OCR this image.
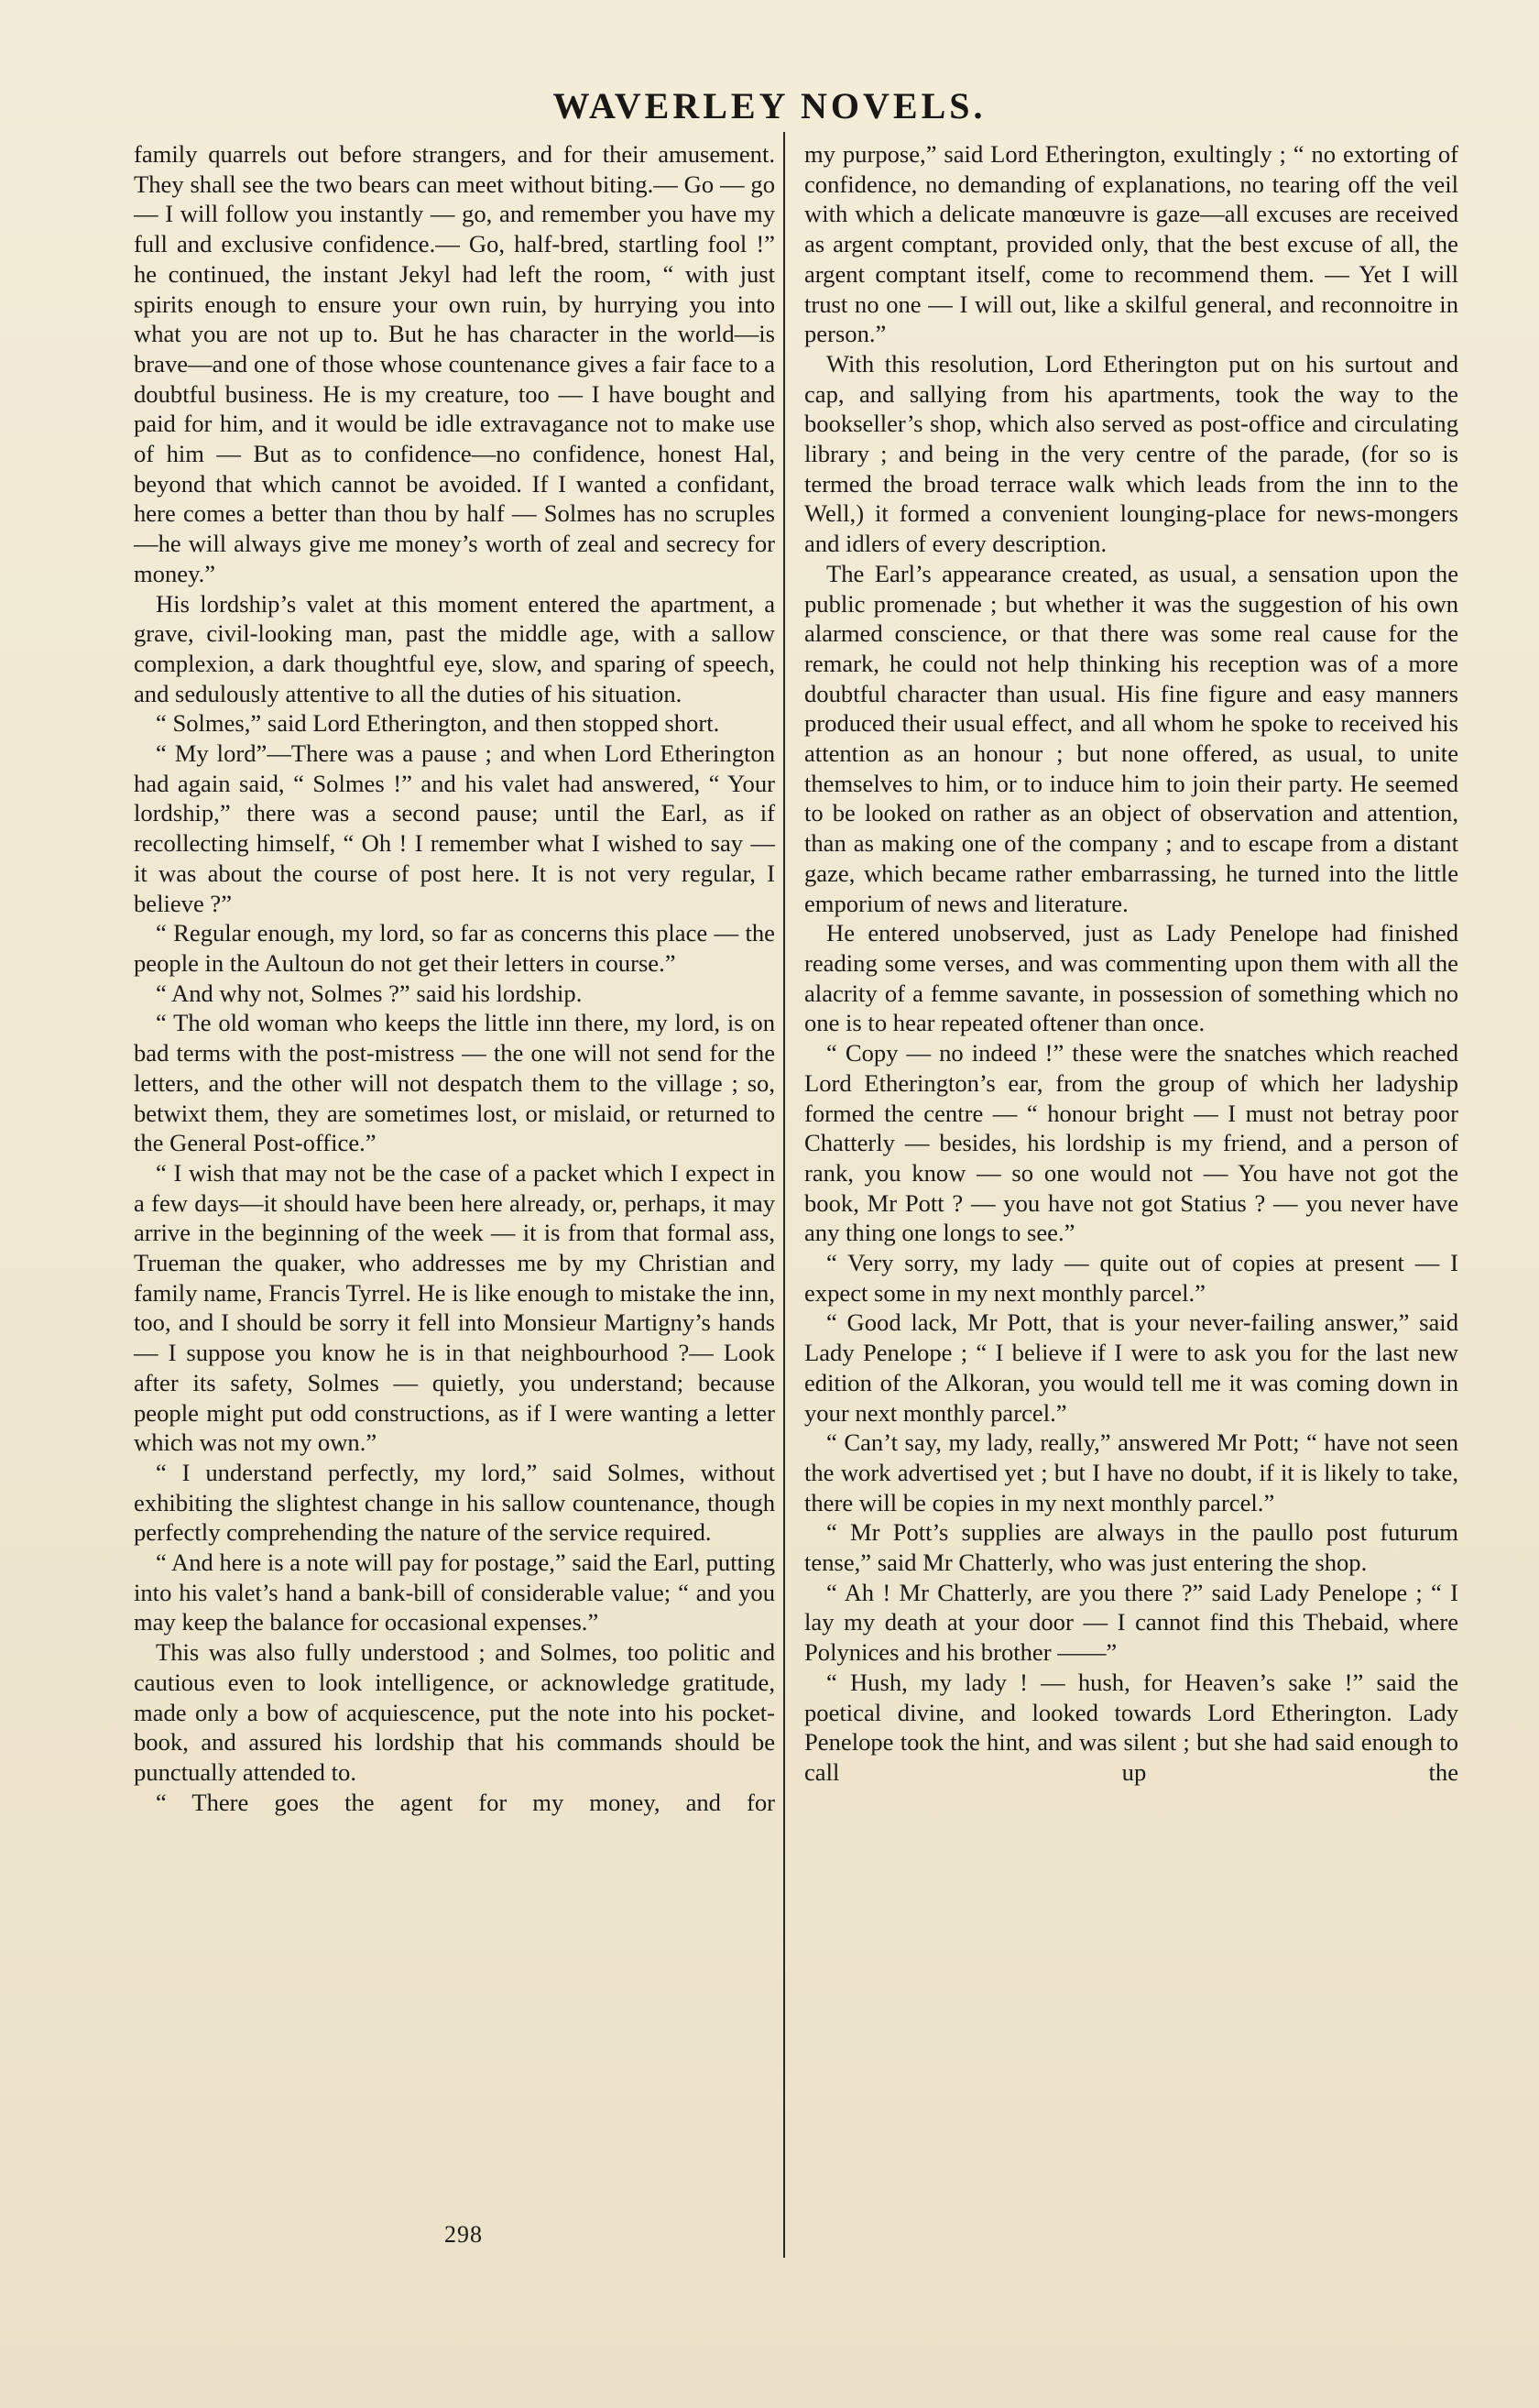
WAVERLEY NOVELS.

family quarrels out before strangers, and for their amusement. They shall see the two bears can meet without biting.— Go — go — I will follow you instantly — go, and remember you have my full and exclusive confidence.— Go, half-bred, startling fool !” he continued, the instant Jekyl had left the room, “ with just spirits enough to ensure your own ruin, by hurrying you into what you are not up to. But he has character in the world—is brave—and one of those whose countenance gives a fair face to a doubtful business. He is my creature, too — I have bought and paid for him, and it would be idle extravagance not to make use of him — But as to confidence—no confidence, honest Hal, beyond that which cannot be avoided. If I wanted a confidant, here comes a better than thou by half — Solmes has no scruples—he will always give me money’s worth of zeal and secrecy for money.”

His lordship’s valet at this moment entered the apartment, a grave, civil-looking man, past the middle age, with a sallow complexion, a dark thoughtful eye, slow, and sparing of speech, and sedulously attentive to all the duties of his situation.

“ Solmes,” said Lord Etherington, and then stopped short.

“ My lord”—There was a pause ; and when Lord Etherington had again said, “ Solmes !” and his valet had answered, “ Your lordship,” there was a second pause; until the Earl, as if recollecting himself, “ Oh ! I remember what I wished to say — it was about the course of post here. It is not very regular, I believe ?”

“ Regular enough, my lord, so far as concerns this place — the people in the Aultoun do not get their letters in course.”

“ And why not, Solmes ?” said his lordship.

“ The old woman who keeps the little inn there, my lord, is on bad terms with the post-mistress — the one will not send for the letters, and the other will not despatch them to the village ; so, betwixt them, they are sometimes lost, or mislaid, or returned to the General Post-office.”

“ I wish that may not be the case of a packet which I expect in a few days—it should have been here already, or, perhaps, it may arrive in the beginning of the week — it is from that formal ass, Trueman the quaker, who addresses me by my Christian and family name, Francis Tyrrel. He is like enough to mistake the inn, too, and I should be sorry it fell into Monsieur Martigny’s hands — I suppose you know he is in that neighbourhood ?— Look after its safety, Solmes — quietly, you understand; because people might put odd constructions, as if I were wanting a letter which was not my own.”

“ I understand perfectly, my lord,” said Solmes, without exhibiting the slightest change in his sallow countenance, though perfectly comprehending the nature of the service required.

“ And here is a note will pay for postage,” said the Earl, putting into his valet’s hand a bank-bill of considerable value; “ and you may keep the balance for occasional expenses.”

This was also fully understood ; and Solmes, too politic and cautious even to look intelligence, or acknowledge gratitude, made only a bow of acquiescence, put the note into his pocket-book, and assured his lordship that his commands should be punctually attended to.

“ There goes the agent for my money, and for

my purpose,” said Lord Etherington, exultingly ; “ no extorting of confidence, no demanding of explanations, no tearing off the veil with which a delicate manœuvre is gaze—all excuses are received as argent comptant, provided only, that the best excuse of all, the argent comptant itself, come to recommend them. — Yet I will trust no one — I will out, like a skilful general, and reconnoitre in person.”

With this resolution, Lord Etherington put on his surtout and cap, and sallying from his apartments, took the way to the bookseller’s shop, which also served as post-office and circulating library ; and being in the very centre of the parade, (for so is termed the broad terrace walk which leads from the inn to the Well,) it formed a convenient lounging-place for news-mongers and idlers of every description.

The Earl’s appearance created, as usual, a sensation upon the public promenade ; but whether it was the suggestion of his own alarmed conscience, or that there was some real cause for the remark, he could not help thinking his reception was of a more doubtful character than usual. His fine figure and easy manners produced their usual effect, and all whom he spoke to received his attention as an honour ; but none offered, as usual, to unite themselves to him, or to induce him to join their party. He seemed to be looked on rather as an object of observation and attention, than as making one of the company ; and to escape from a distant gaze, which became rather embarrassing, he turned into the little emporium of news and literature.

He entered unobserved, just as Lady Penelope had finished reading some verses, and was commenting upon them with all the alacrity of a femme savante, in possession of something which no one is to hear repeated oftener than once.

“ Copy — no indeed !” these were the snatches which reached Lord Etherington’s ear, from the group of which her ladyship formed the centre — “ honour bright — I must not betray poor Chatterly — besides, his lordship is my friend, and a person of rank, you know — so one would not — You have not got the book, Mr Pott ? — you have not got Statius ? — you never have any thing one longs to see.”

“ Very sorry, my lady — quite out of copies at present — I expect some in my next monthly parcel.”

“ Good lack, Mr Pott, that is your never-failing answer,” said Lady Penelope ; “ I believe if I were to ask you for the last new edition of the Alkoran, you would tell me it was coming down in your next monthly parcel.”

“ Can’t say, my lady, really,” answered Mr Pott; “ have not seen the work advertised yet ; but I have no doubt, if it is likely to take, there will be copies in my next monthly parcel.”

“ Mr Pott’s supplies are always in the paullo post futurum tense,” said Mr Chatterly, who was just entering the shop.

“ Ah ! Mr Chatterly, are you there ?” said Lady Penelope ; “ I lay my death at your door — I cannot find this Thebaid, where Polynices and his brother ——”

“ Hush, my lady ! — hush, for Heaven’s sake !” said the poetical divine, and looked towards Lord Etherington. Lady Penelope took the hint, and was silent ; but she had said enough to call up the

298
